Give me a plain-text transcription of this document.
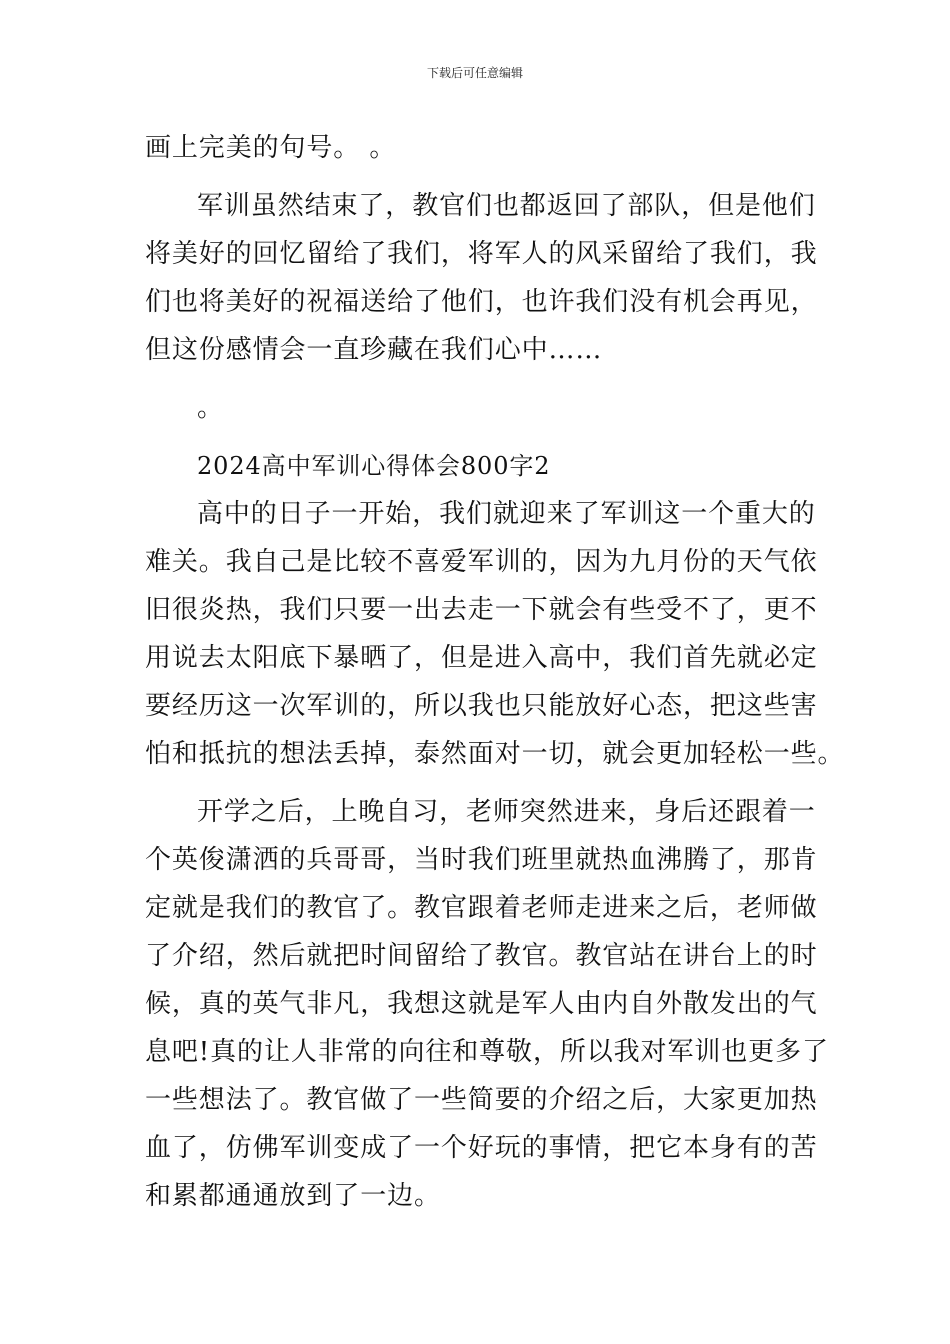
下载后可任意编辑

画上完美的句号。 。

军训虽然结束了，教官们也都返回了部队，但是他们
将美好的回忆留给了我们，将军人的风采留给了我们，我
们也将美好的祝福送给了他们，也许我们没有机会再见，
但这份感情会一直珍藏在我们心中……

。

2024高中军训心得体会800字2

高中的日子一开始，我们就迎来了军训这一个重大的
难关。我自己是比较不喜爱军训的，因为九月份的天气依
旧很炎热，我们只要一出去走一下就会有些受不了，更不
用说去太阳底下暴晒了，但是进入高中，我们首先就必定
要经历这一次军训的，所以我也只能放好心态，把这些害
怕和抵抗的想法丢掉，泰然面对一切，就会更加轻松一些。

开学之后，上晚自习，老师突然进来，身后还跟着一
个英俊潇洒的兵哥哥，当时我们班里就热血沸腾了，那肯
定就是我们的教官了。教官跟着老师走进来之后，老师做
了介绍，然后就把时间留给了教官。教官站在讲台上的时
候，真的英气非凡，我想这就是军人由内自外散发出的气
息吧!真的让人非常的向往和尊敬，所以我对军训也更多了
一些想法了。教官做了一些简要的介绍之后，大家更加热
血了，仿佛军训变成了一个好玩的事情，把它本身有的苦
和累都通通放到了一边。
